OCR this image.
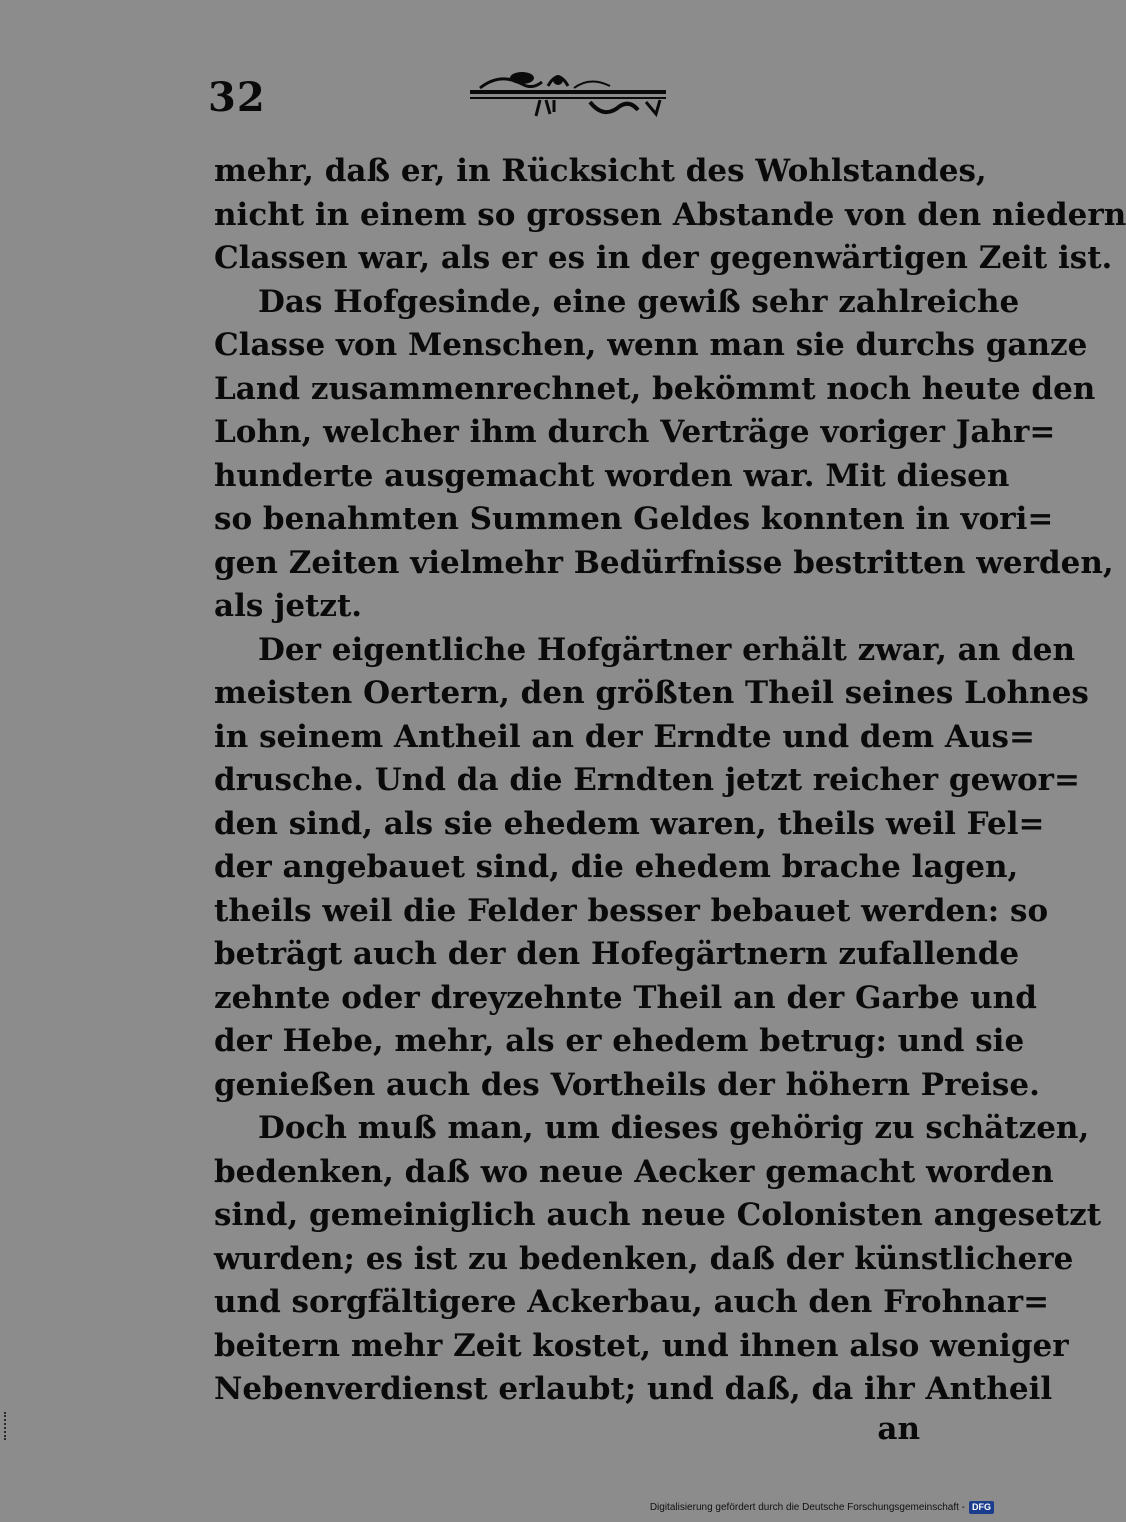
32
mehr, daß er, in Rücksicht des Wohlstandes,
nicht in einem so grossen Abstande von den niedern
Classen war, als er es in der gegenwärtigen Zeit ist.
Das Hofgesinde, eine gewiß sehr zahlreiche
Classe von Menschen, wenn man sie durchs ganze
Land zusammenrechnet, bekömmt noch heute den
Lohn, welcher ihm durch Verträge voriger Jahr=
hunderte ausgemacht worden war. Mit diesen
so benahmten Summen Geldes konnten in vori=
gen Zeiten vielmehr Bedürfnisse bestritten werden,
als jetzt.
Der eigentliche Hofgärtner erhält zwar, an den
meisten Oertern, den größten Theil seines Lohnes
in seinem Antheil an der Erndte und dem Aus=
drusche. Und da die Erndten jetzt reicher gewor=
den sind, als sie ehedem waren, theils weil Fel=
der angebauet sind, die ehedem brache lagen,
theils weil die Felder besser bebauet werden: so
beträgt auch der den Hofegärtnern zufallende
zehnte oder dreyzehnte Theil an der Garbe und
der Hebe, mehr, als er ehedem betrug: und sie
genießen auch des Vortheils der höhern Preise.
Doch muß man, um dieses gehörig zu schätzen,
bedenken, daß wo neue Aecker gemacht worden
sind, gemeiniglich auch neue Colonisten angesetzt
wurden; es ist zu bedenken, daß der künstlichere
und sorgfältigere Ackerbau, auch den Frohnar=
beitern mehr Zeit kostet, und ihnen also weniger
Nebenverdienst erlaubt; und daß, da ihr Antheil
an
Digitalisierung gefördert durch die Deutsche Forschungsgemeinschaft - DFG
